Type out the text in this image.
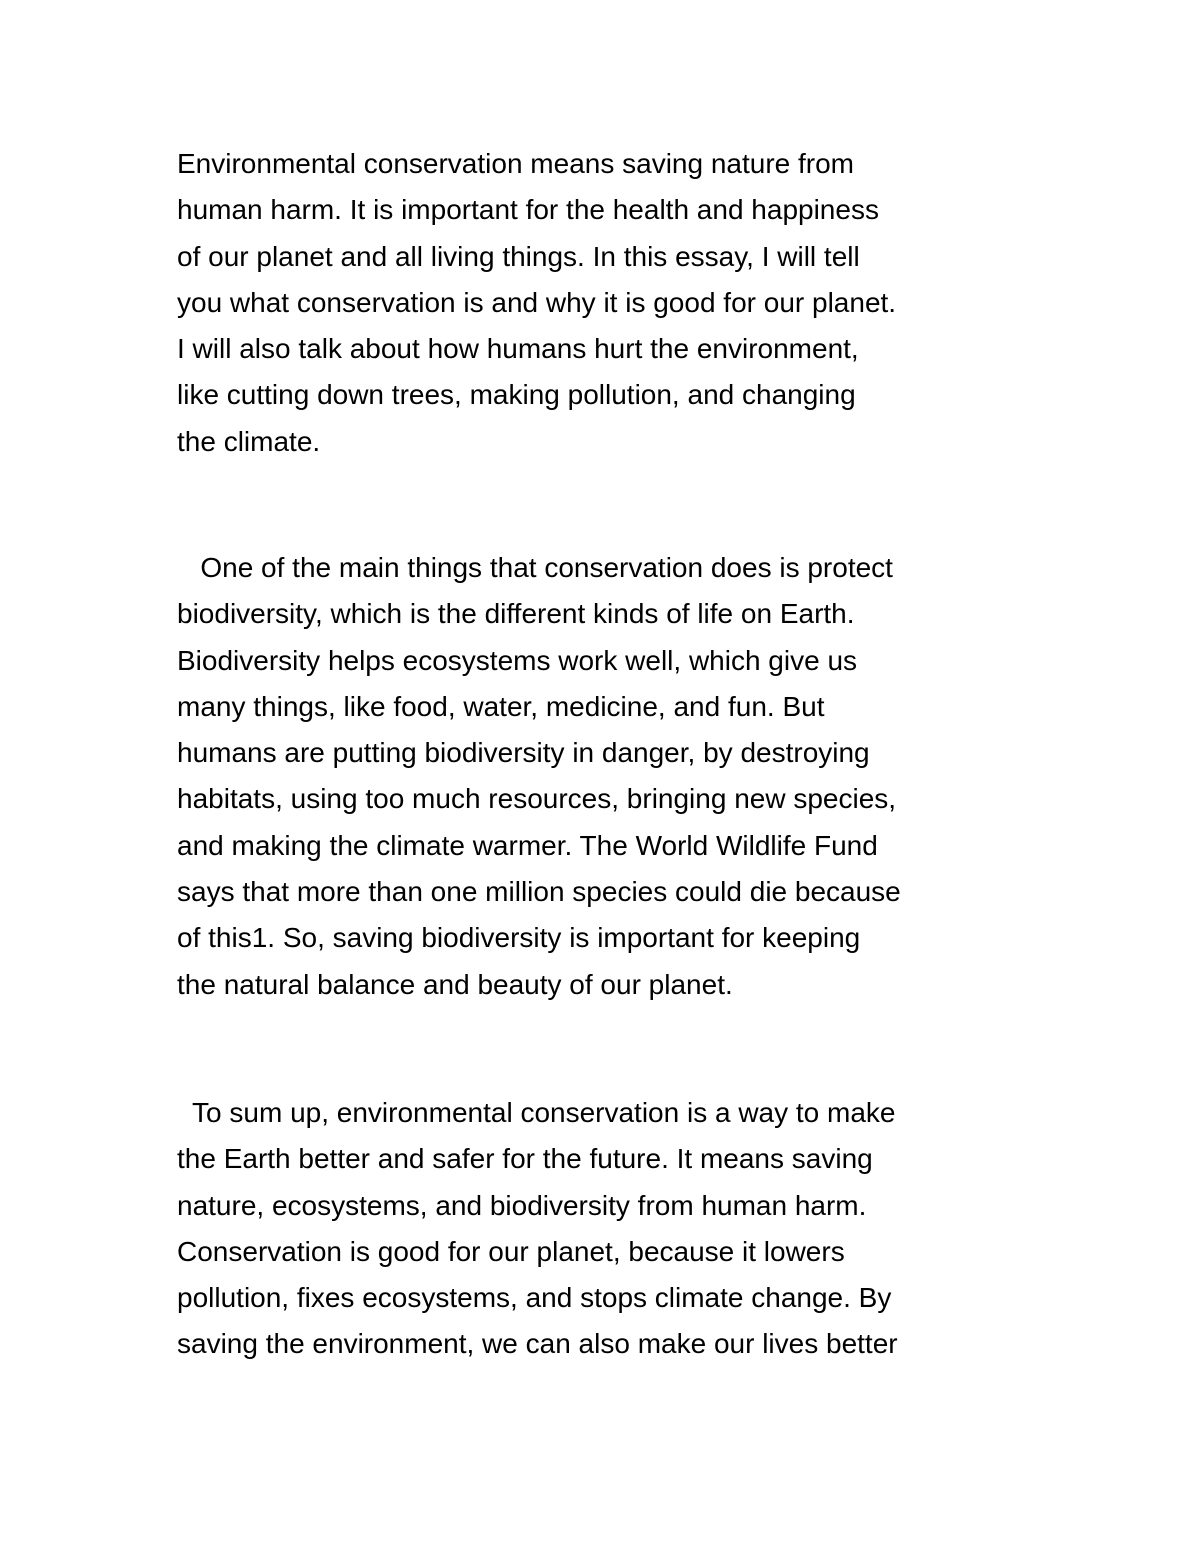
Environmental conservation means saving nature from
human harm. It is important for the health and happiness
of our planet and all living things. In this essay, I will tell
you what conservation is and why it is good for our planet.
I will also talk about how humans hurt the environment,
like cutting down trees, making pollution, and changing
the climate.
One of the main things that conservation does is protect
biodiversity, which is the different kinds of life on Earth.
Biodiversity helps ecosystems work well, which give us
many things, like food, water, medicine, and fun. But
humans are putting biodiversity in danger, by destroying
habitats, using too much resources, bringing new species,
and making the climate warmer. The World Wildlife Fund
says that more than one million species could die because
of this1. So, saving biodiversity is important for keeping
the natural balance and beauty of our planet.
To sum up, environmental conservation is a way to make
the Earth better and safer for the future. It means saving
nature, ecosystems, and biodiversity from human harm.
Conservation is good for our planet, because it lowers
pollution, fixes ecosystems, and stops climate change. By
saving the environment, we can also make our lives better
